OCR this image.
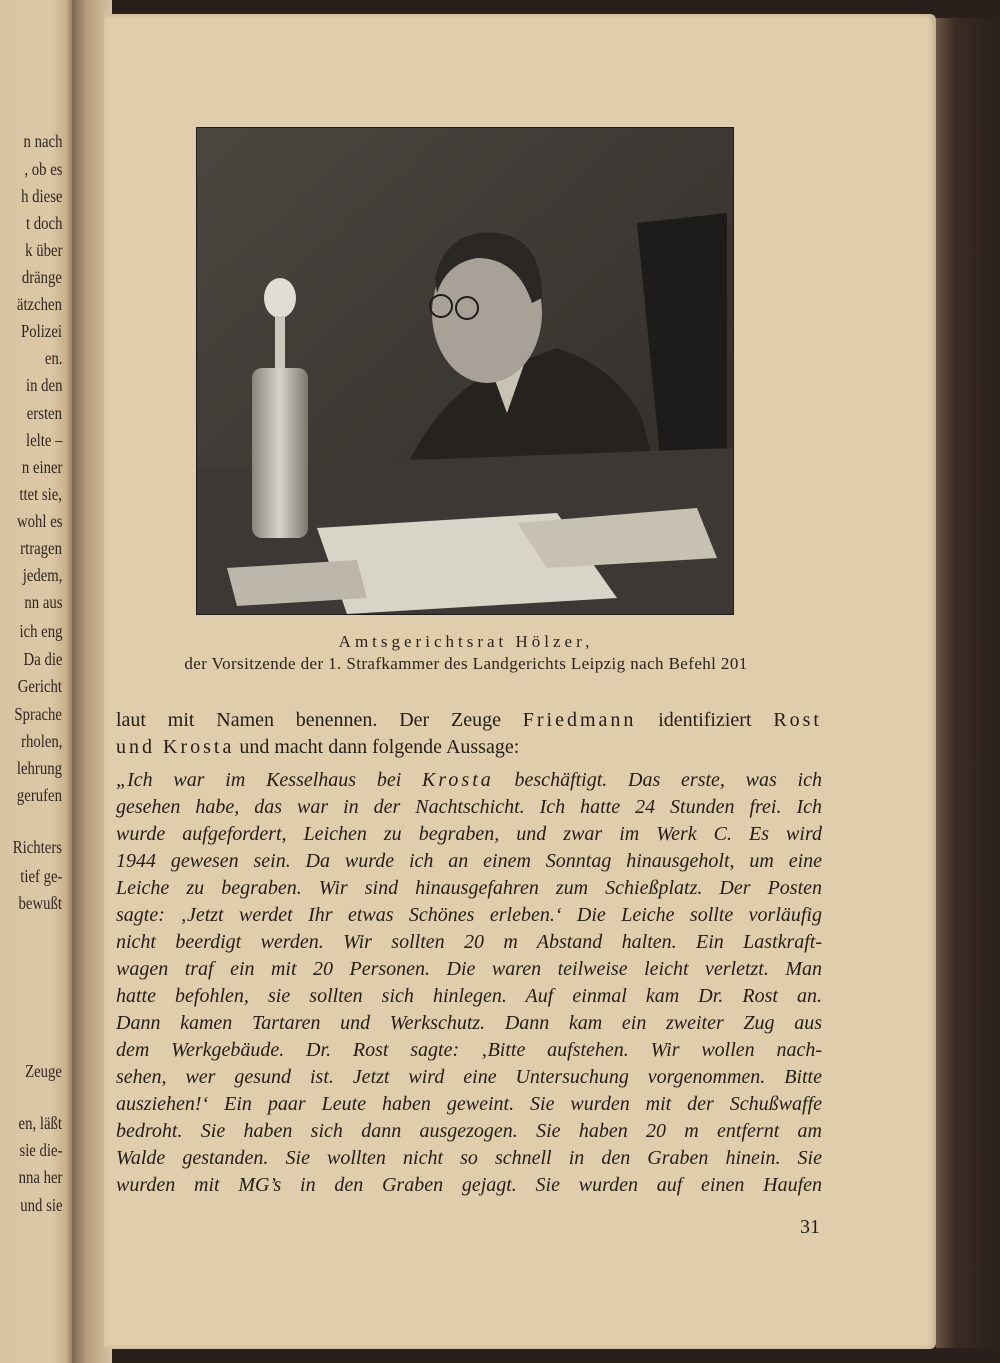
n nach
, ob es
h diese
t doch
k über
dränge
ätzchen
Polizei
en.
in den
ersten
lelte –
n einer
ttet sie,
wohl es
rtragen
jedem,
nn aus
ich eng
Da die
Gericht
Sprache
rholen,
lehrung
gerufen
Richters
tief ge-
bewußt
Zeuge
en, läßt
sie die-
nna her
und sie
Amtsgerichtsrat Hölzer,
der Vorsitzende der 1. Strafkammer des Landgerichts Leipzig nach Befehl 201
laut mit Namen benennen. Der Zeuge Friedmann identifiziert Rost
und Krosta und macht dann folgende Aussage:
„Ich war im Kesselhaus bei Krosta beschäftigt. Das erste, was ich
gesehen habe, das war in der Nachtschicht. Ich hatte 24 Stunden frei. Ich
wurde aufgefordert, Leichen zu begraben, und zwar im Werk C. Es wird
1944 gewesen sein. Da wurde ich an einem Sonntag hinausgeholt, um eine
Leiche zu begraben. Wir sind hinausgefahren zum Schießplatz. Der Posten
sagte: ‚Jetzt werdet Ihr etwas Schönes erleben.‘ Die Leiche sollte vorläufig
nicht beerdigt werden. Wir sollten 20 m Abstand halten. Ein Lastkraft-
wagen traf ein mit 20 Personen. Die waren teilweise leicht verletzt. Man
hatte befohlen, sie sollten sich hinlegen. Auf einmal kam Dr. Rost an.
Dann kamen Tartaren und Werkschutz. Dann kam ein zweiter Zug aus
dem Werkgebäude. Dr. Rost sagte: ‚Bitte aufstehen. Wir wollen nach-
sehen, wer gesund ist. Jetzt wird eine Untersuchung vorgenommen. Bitte
ausziehen!‘ Ein paar Leute haben geweint. Sie wurden mit der Schußwaffe
bedroht. Sie haben sich dann ausgezogen. Sie haben 20 m entfernt am
Walde gestanden. Sie wollten nicht so schnell in den Graben hinein. Sie
wurden mit MG’s in den Graben gejagt. Sie wurden auf einen Haufen
31
